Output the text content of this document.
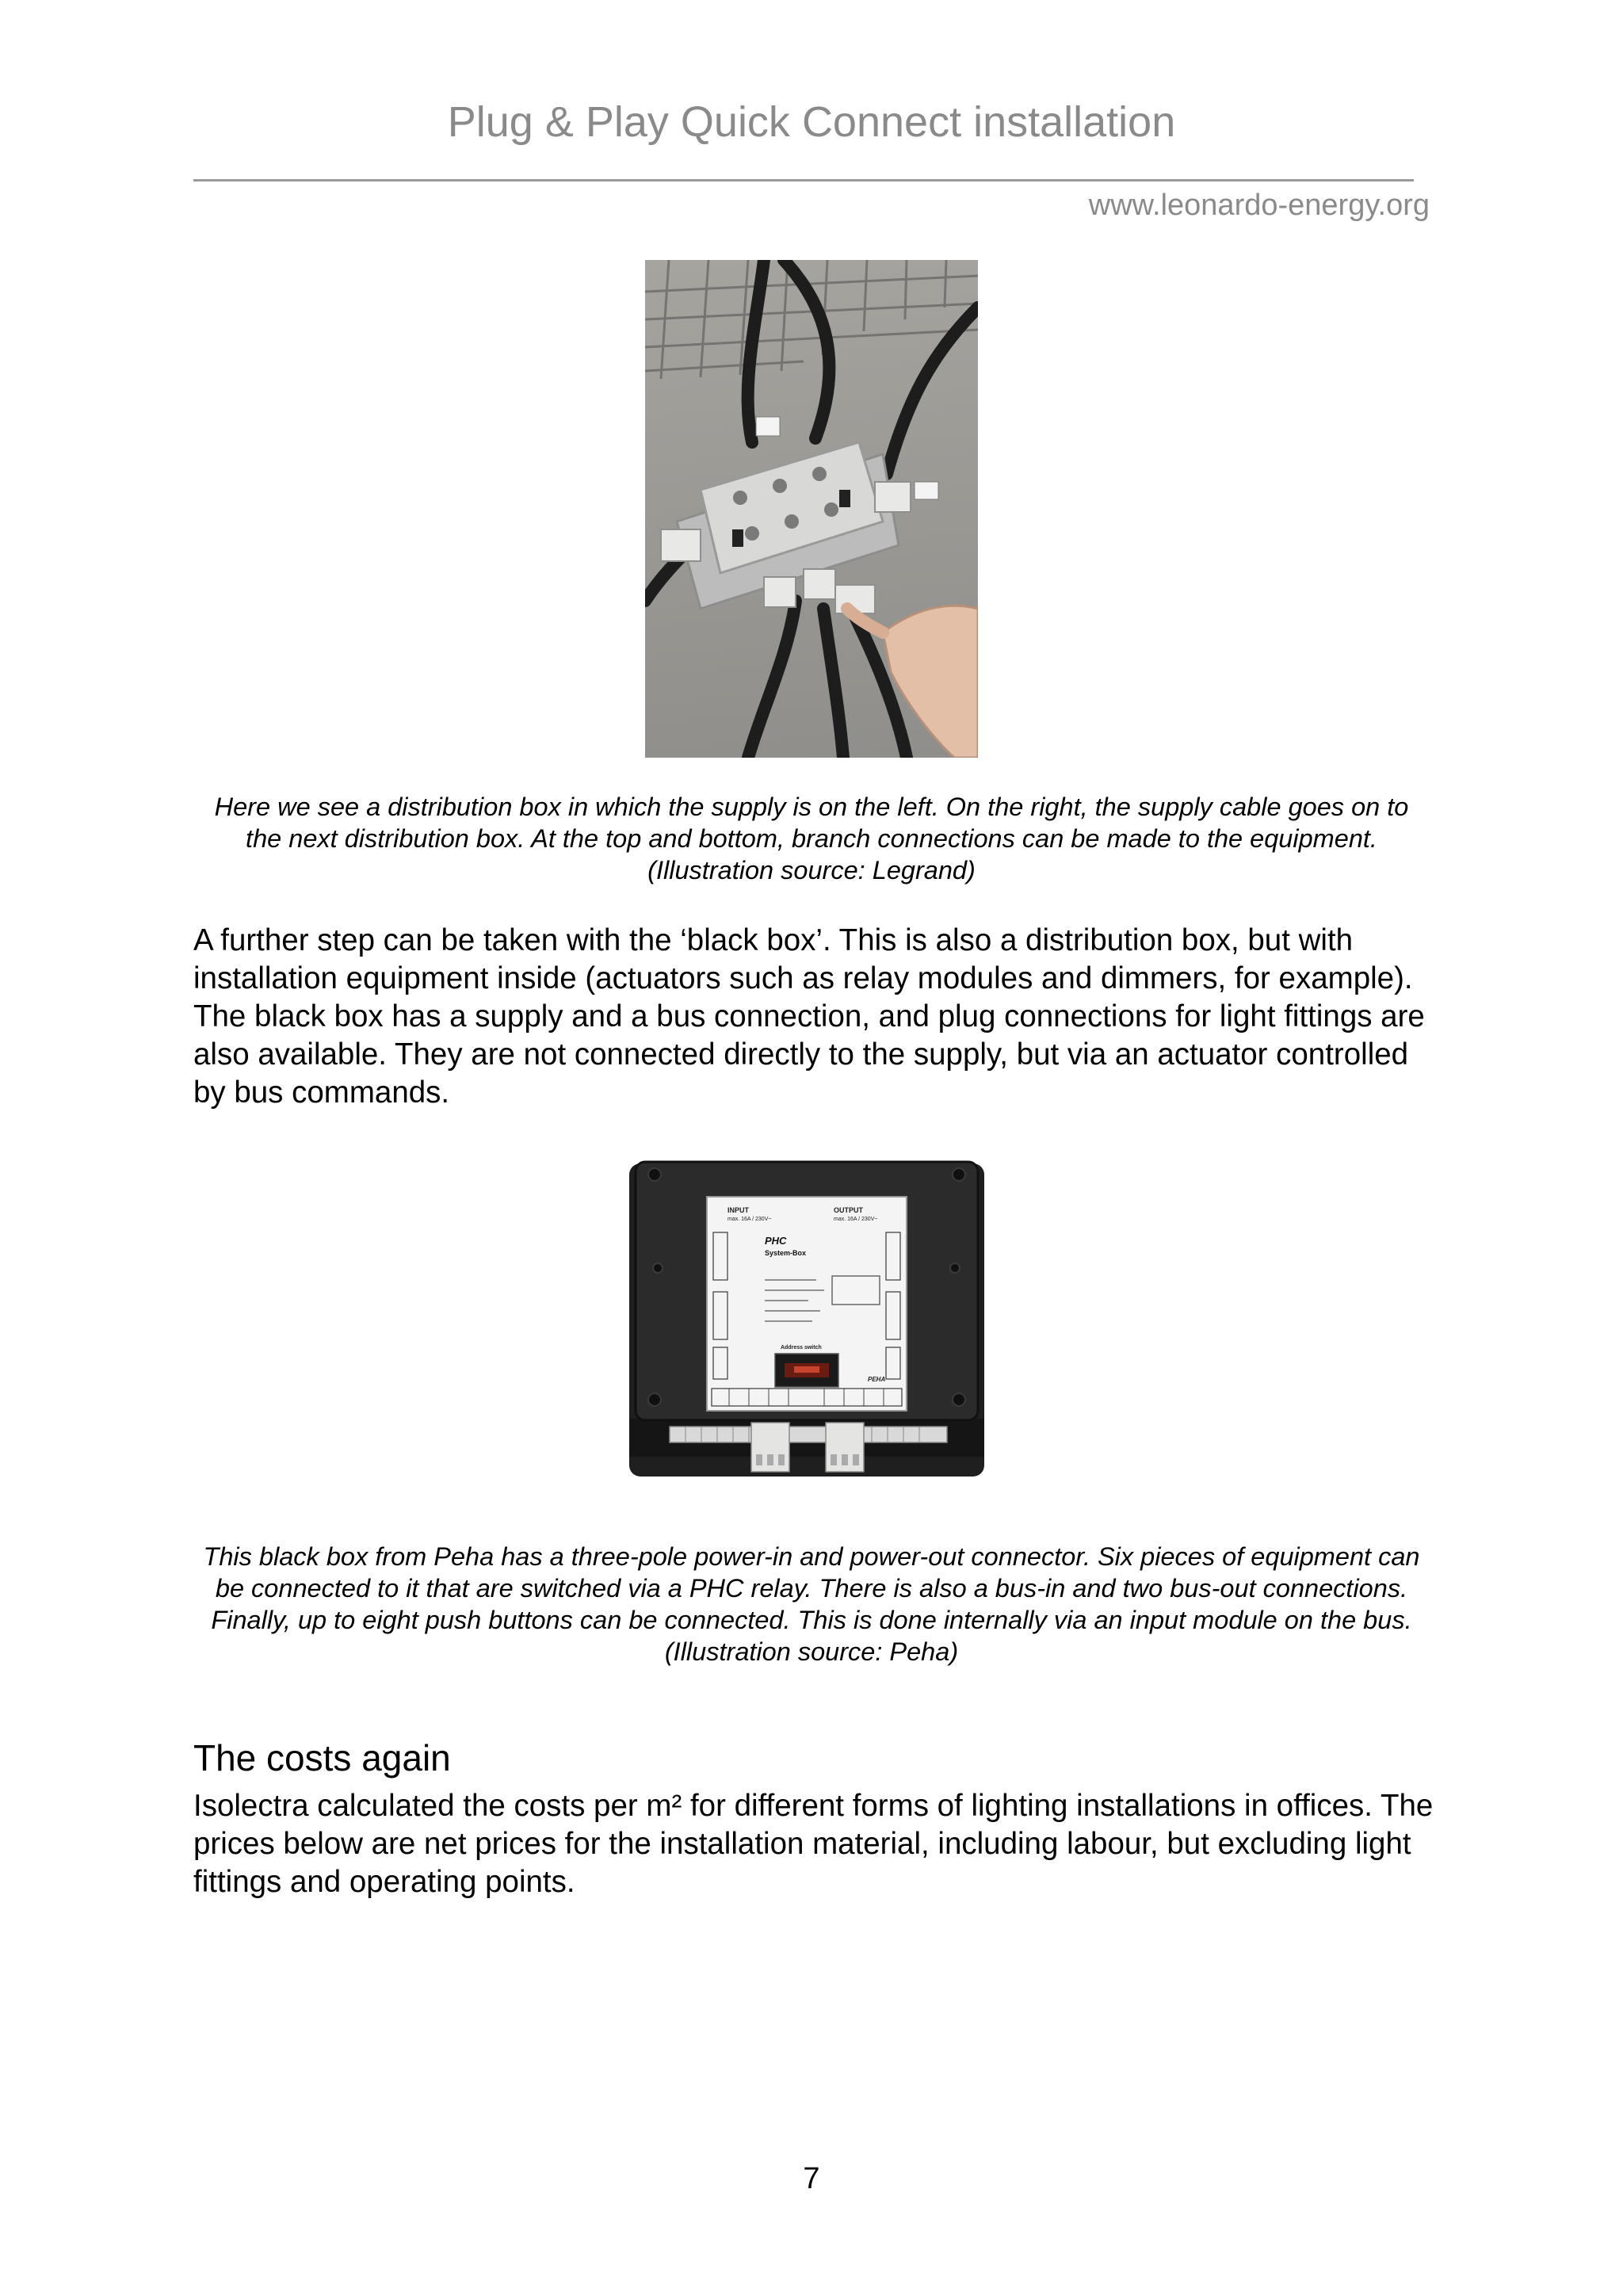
Plug & Play Quick Connect installation
www.leonardo-energy.org
Here we see a distribution box in which the supply is on the left. On the right, the supply cable goes on to the next distribution box. At the top and bottom, branch connections can be made to the equipment. (Illustration source: Legrand)
A further step can be taken with the ‘black box’. This is also a distribution box, but with installation equipment inside (actuators such as relay modules and dimmers, for example). The black box has a supply and a bus connection, and plug connections for light fittings are also available. They are not connected directly to the supply, but via an actuator controlled by bus commands.
INPUT
max. 16A / 230V~
OUTPUT
max. 16A / 230V~
PHC
System-Box
Address switch
PEHA
This black box from Peha has a three-pole power-in and power-out connector. Six pieces of equipment can be connected to it that are switched via a PHC relay. There is also a bus-in and two bus-out connections. Finally, up to eight push buttons can be connected. This is done internally via an input module on the bus. (Illustration source: Peha)
The costs again
Isolectra calculated the costs per m² for different forms of lighting installations in offices. The prices below are net prices for the installation material, including labour, but excluding light fittings and operating points.
7
